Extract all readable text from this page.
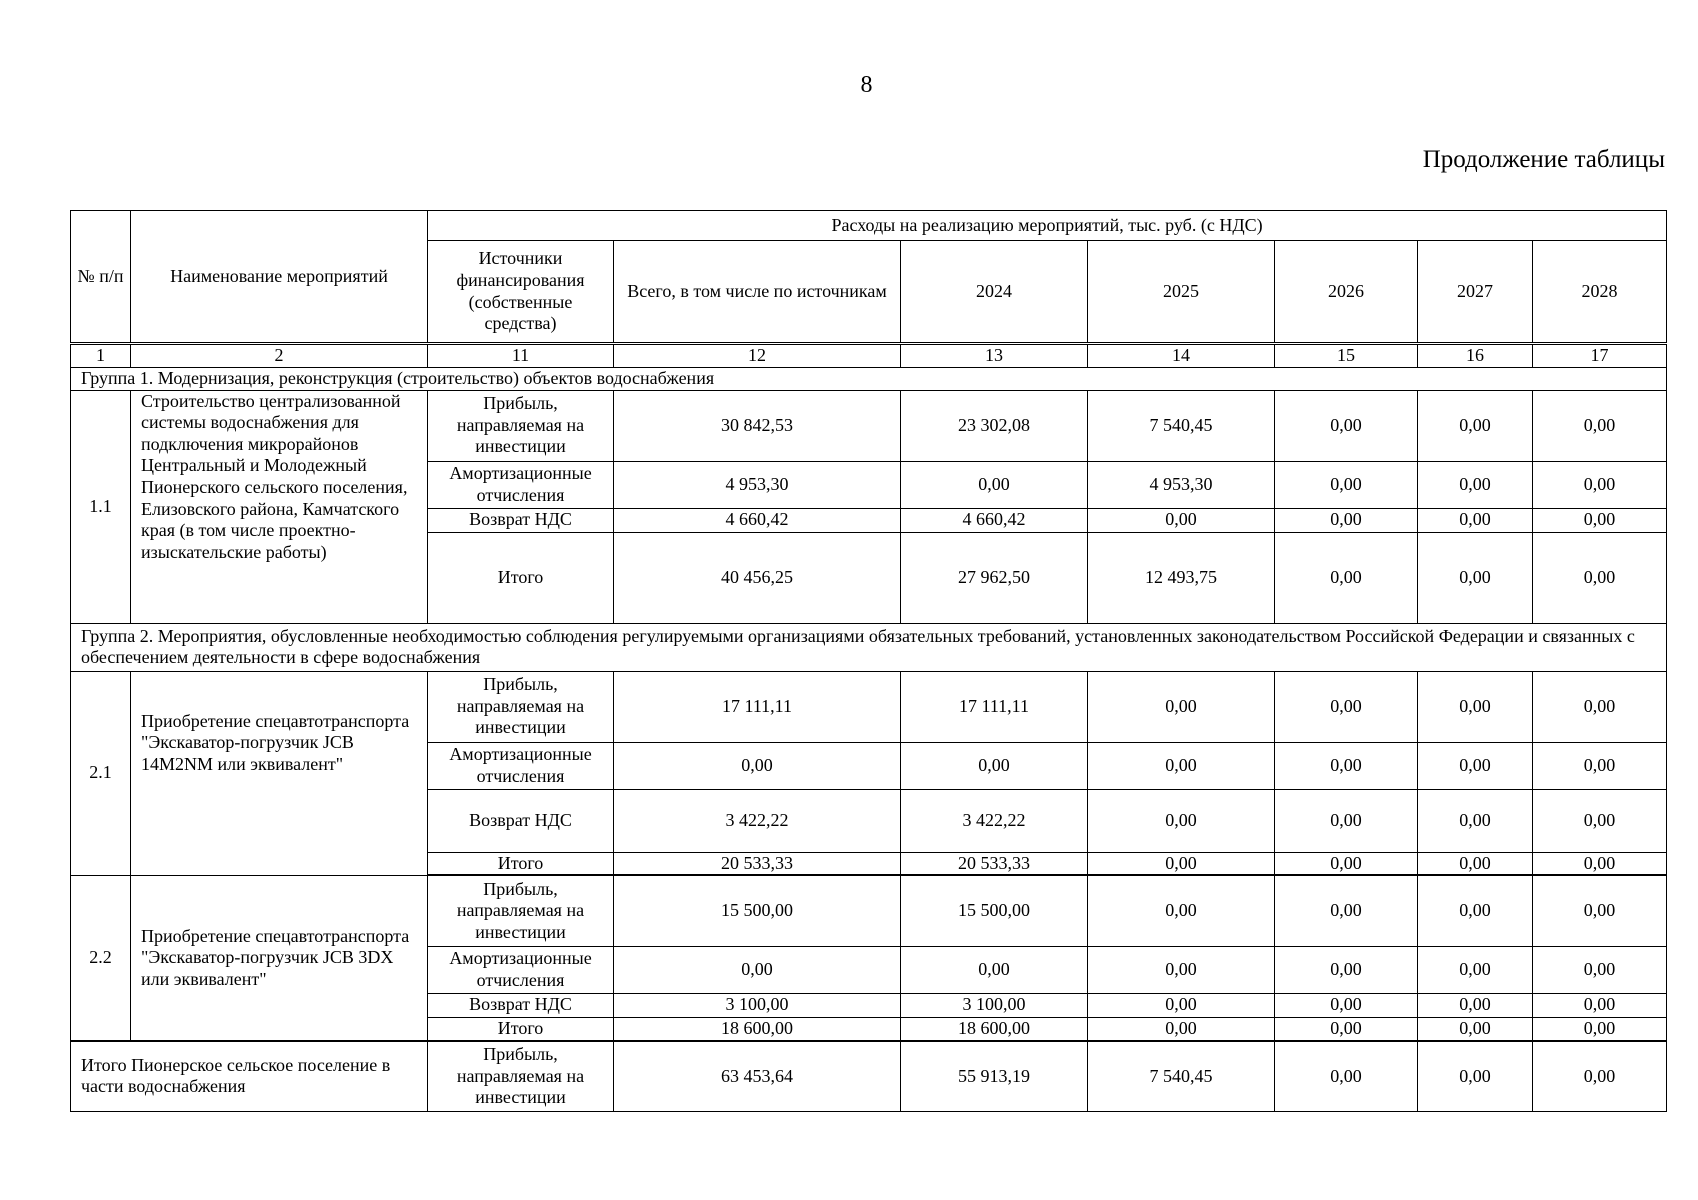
8
Продолжение таблицы
№ п/п	Наименование мероприятий	Расходы на реализацию мероприятий, тыс. руб. (с НДС)						
		Источники финансирования (собственные средства)	Всего, в том числе по источникам	2024	2025	2026	2027	2028
1	2	11	12	13	14	15	16	17
Группа 1. Модернизация, реконструкция (строительство) объектов водоснабжения								
1.1	Строительство централизованной системы водоснабжения для подключения микрорайонов Центральный и Молодежный Пионерского сельского поселения, Елизовского района, Камчатского края (в том числе проектно-изыскательские работы)	Прибыль, направляемая на инвестиции	30 842,53	23 302,08	7 540,45	0,00	0,00	0,00
		Амортизационные отчисления	4 953,30	0,00	4 953,30	0,00	0,00	0,00
		Возврат НДС	4 660,42	4 660,42	0,00	0,00	0,00	0,00
		Итого	40 456,25	27 962,50	12 493,75	0,00	0,00	0,00
Группа 2. Мероприятия, обусловленные необходимостью соблюдения регулируемыми организациями обязательных требований, установленных законодательством Российской Федерации и связанных с обеспечением деятельности в сфере водоснабжения								
2.1	Приобретение спецавтотранспорта "Экскаватор-погрузчик JCB 14M2NM или эквивалент"	Прибыль, направляемая на инвестиции	17 111,11	17 111,11	0,00	0,00	0,00	0,00
		Амортизационные отчисления	0,00	0,00	0,00	0,00	0,00	0,00
		Возврат НДС	3 422,22	3 422,22	0,00	0,00	0,00	0,00
		Итого	20 533,33	20 533,33	0,00	0,00	0,00	0,00
2.2	Приобретение спецавтотранспорта "Экскаватор-погрузчик JCB 3DX или эквивалент"	Прибыль, направляемая на инвестиции	15 500,00	15 500,00	0,00	0,00	0,00	0,00
		Амортизационные отчисления	0,00	0,00	0,00	0,00	0,00	0,00
		Возврат НДС	3 100,00	3 100,00	0,00	0,00	0,00	0,00
		Итого	18 600,00	18 600,00	0,00	0,00	0,00	0,00
Итого Пионерское сельское поселение в части водоснабжения		Прибыль, направляемая на инвестиции	63 453,64	55 913,19	7 540,45	0,00	0,00	0,00
